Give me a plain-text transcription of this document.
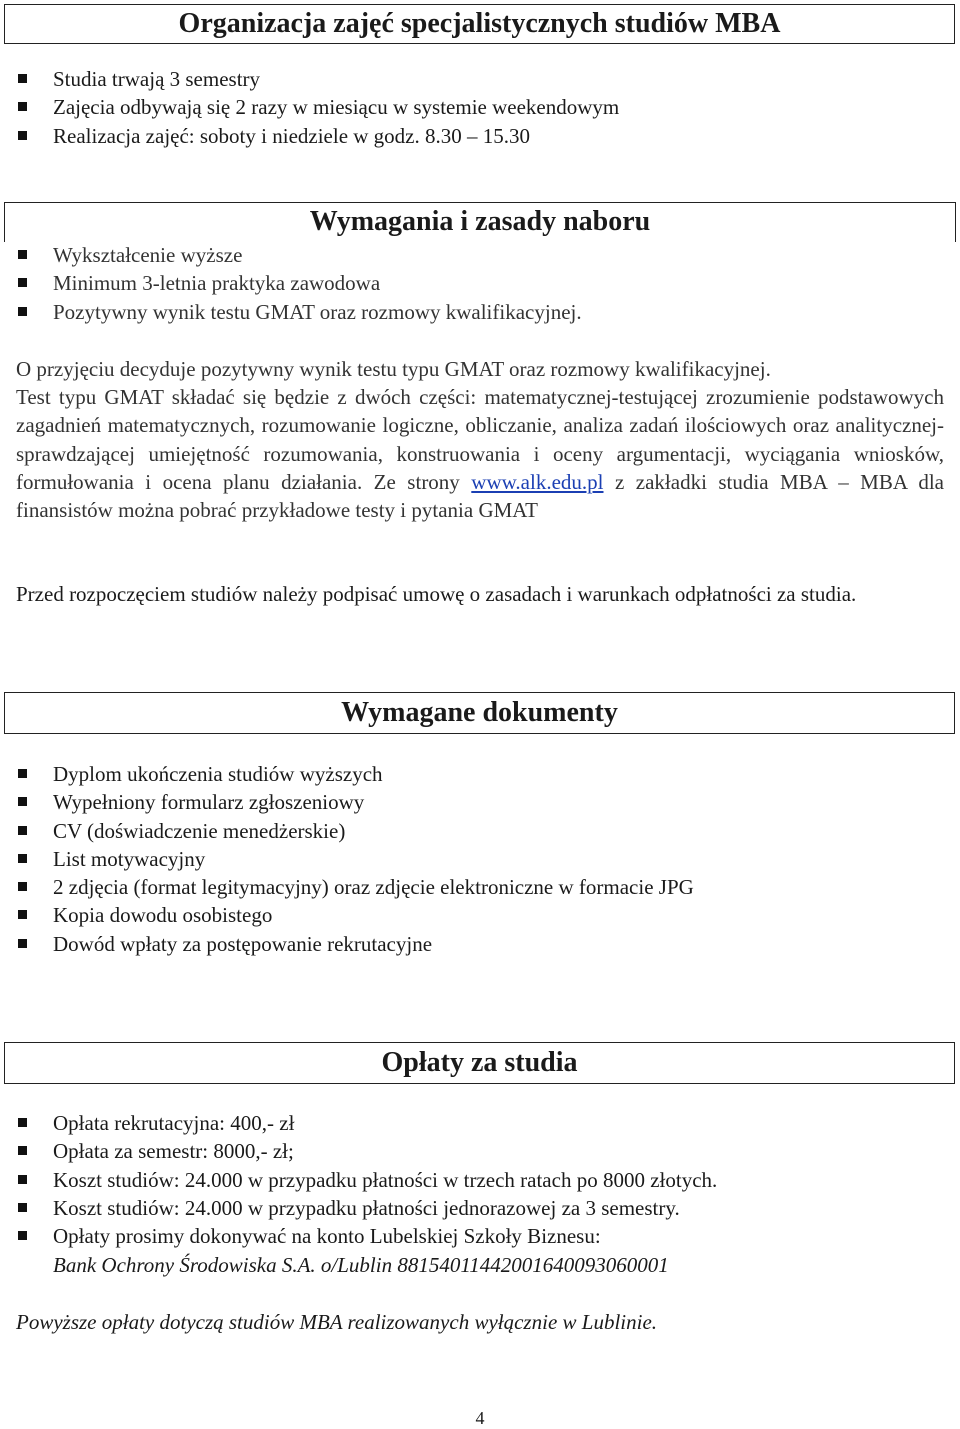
Organizacja zajęć specjalistycznych studiów MBA
Studia trwają 3 semestry
Zajęcia odbywają się 2 razy w miesiącu w systemie weekendowym
Realizacja zajęć: soboty i niedziele w godz. 8.30 – 15.30
Wymagania i zasady naboru
Wykształcenie wyższe
Minimum 3-letnia praktyka zawodowa
Pozytywny wynik testu GMAT oraz rozmowy kwalifikacyjnej.
O przyjęciu decyduje pozytywny wynik testu typu GMAT oraz rozmowy kwalifikacyjnej.
Test typu GMAT składać się będzie z dwóch części: matematycznej-testującej zrozumienie podstawowych zagadnień matematycznych, rozumowanie logiczne, obliczanie, analiza zadań ilościowych oraz analitycznej-sprawdzającej umiejętność rozumowania, konstruowania i oceny argumentacji, wyciągania wniosków, formułowania i ocena planu działania. Ze strony www.alk.edu.pl z zakładki studia MBA – MBA dla finansistów można pobrać przykładowe testy i pytania GMAT
Przed rozpoczęciem studiów należy podpisać umowę o zasadach i warunkach odpłatności za studia.
Wymagane dokumenty
Dyplom ukończenia studiów wyższych
Wypełniony formularz zgłoszeniowy
CV (doświadczenie menedżerskie)
List motywacyjny
2 zdjęcia (format legitymacyjny) oraz zdjęcie elektroniczne w formacie JPG
Kopia dowodu osobistego
Dowód wpłaty za postępowanie rekrutacyjne
Opłaty za studia
Opłata rekrutacyjna: 400,- zł
Opłata za semestr: 8000,- zł;
Koszt studiów: 24.000 w przypadku płatności w trzech ratach po 8000 złotych.
Koszt studiów: 24.000 w przypadku płatności jednorazowej za 3 semestry.
Opłaty prosimy dokonywać na konto Lubelskiej Szkoły Biznesu:
Bank Ochrony Środowiska S.A. o/Lublin 88154011442001640093060001
Powyższe opłaty dotyczą studiów MBA realizowanych wyłącznie w Lublinie.
4
